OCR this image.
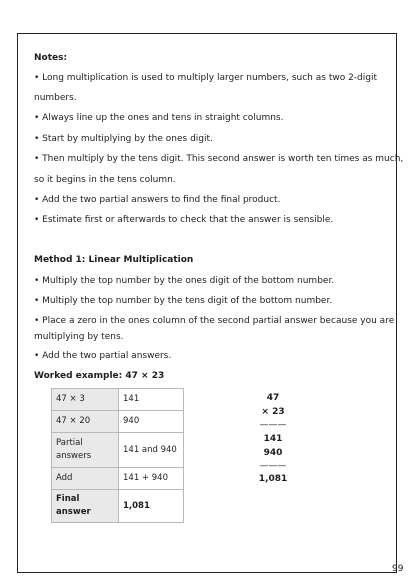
Notes:
• Long multiplication is used to multiply larger numbers, such as two 2-digit
numbers.
• Always line up the ones and tens in straight columns.
• Start by multiplying by the ones digit.
• Then multiply by the tens digit. This second answer is worth ten times as much,
so it begins in the tens column.
• Add the two partial answers to find the final product.
• Estimate first or afterwards to check that the answer is sensible.
Method 1: Linear Multiplication
• Multiply the top number by the ones digit of the bottom number.
• Multiply the top number by the tens digit of the bottom number.
• Place a zero in the ones column of the second partial answer because you are
multiplying by tens.
• Add the two partial answers.
Worked example: 47 × 23
47 × 3	141
47 × 20	940
Partial answers	141 and 940
Add	141 + 940
Final answer	1,081
47
× 23
———
141
940
———
1,081
99
